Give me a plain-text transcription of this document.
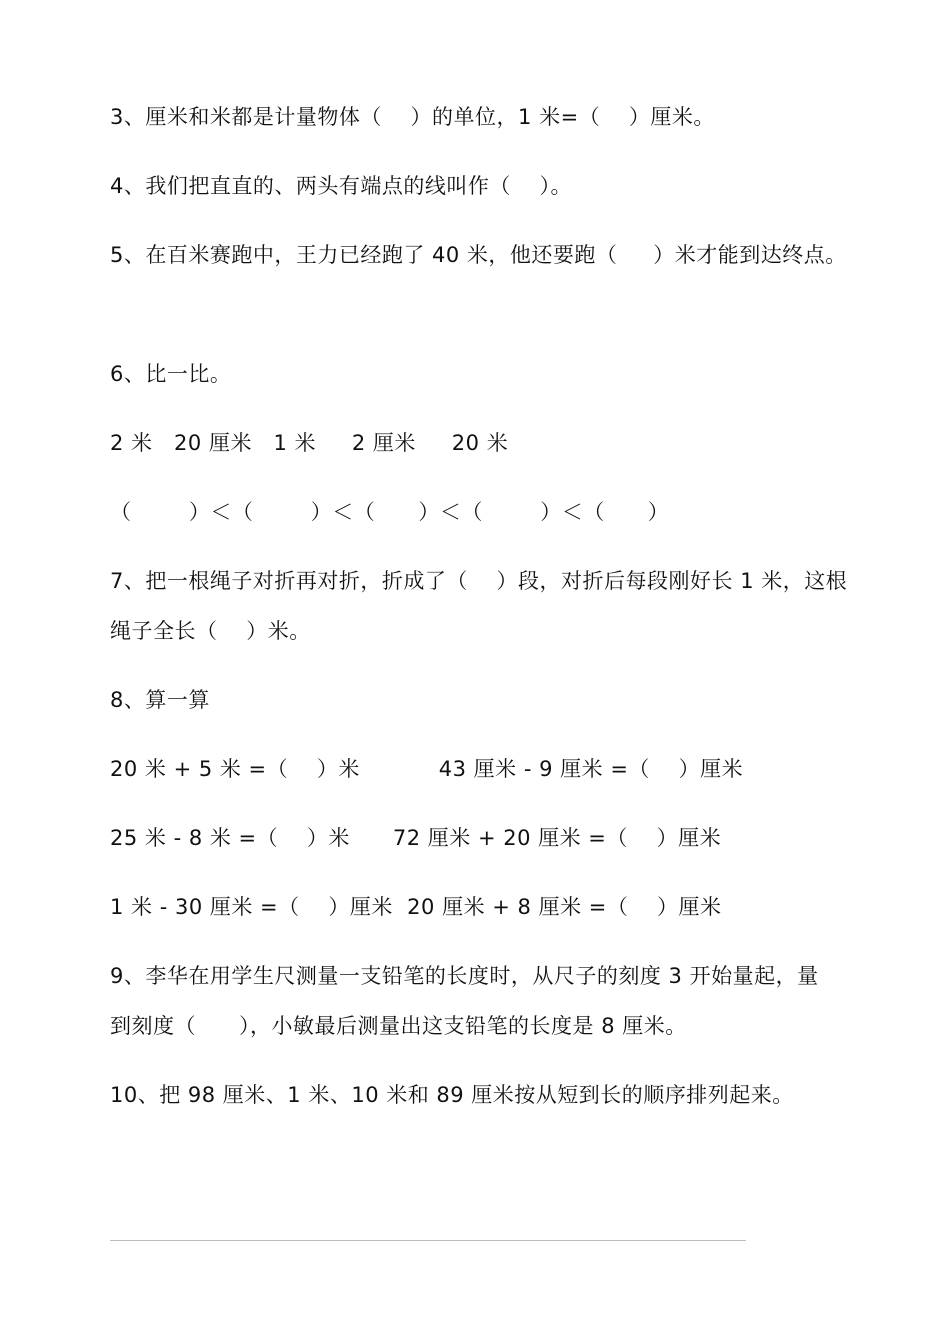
3、厘米和米都是计量物体（    ）的单位，1 米=（    ）厘米。
4、我们把直直的、两头有端点的线叫作（    ）。
5、在百米赛跑中，王力已经跑了 40 米，他还要跑（     ）米才能到达终点。
6、比一比。
2 米   20 厘米   1 米     2 厘米     20 米
（        ）＜（        ）＜（      ）＜（        ）＜（      ）
7、把一根绳子对折再对折，折成了（    ）段，对折后每段刚好长 1 米，这根
绳子全长（    ）米。
8、算一算
20 米 + 5 米 =（    ）米           43 厘米 - 9 厘米 =（    ）厘米
25 米 - 8 米 =（    ）米      72 厘米 + 20 厘米 =（    ）厘米
1 米 - 30 厘米 =（    ）厘米  20 厘米 + 8 厘米 =（    ）厘米
9、李华在用学生尺测量一支铅笔的长度时，从尺子的刻度 3 开始量起，量
到刻度（      ），小敏最后测量出这支铅笔的长度是 8 厘米。
10、把 98 厘米、1 米、10 米和 89 厘米按从短到长的顺序排列起来。
